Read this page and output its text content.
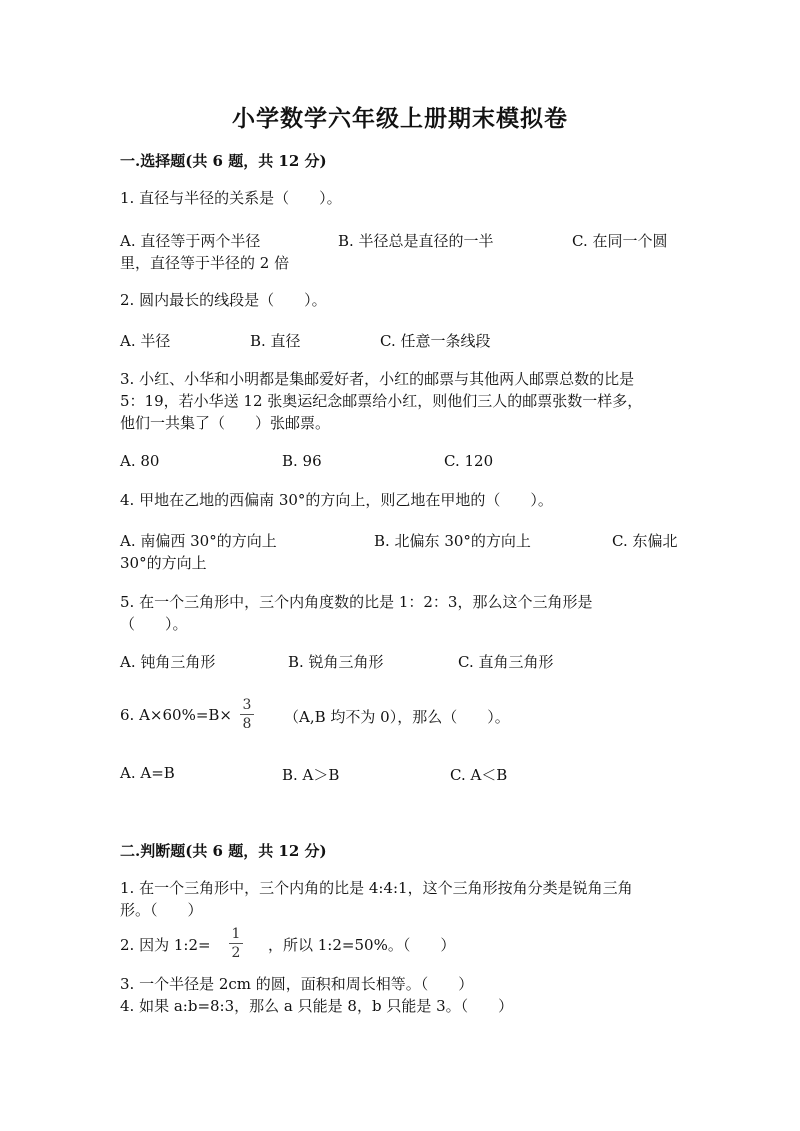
小学数学六年级上册期末模拟卷
一.选择题(共 6 题，共 12 分)
1. 直径与半径的关系是（　　）。
A. 直径等于两个半径	B. 半径总是直径的一半	C. 在同一个圆
里，直径等于半径的 2 倍
2. 圆内最长的线段是（　　）。
A. 半径	B. 直径	C. 任意一条线段
3. 小红、小华和小明都是集邮爱好者，小红的邮票与其他两人邮票总数的比是
5：19，若小华送 12 张奥运纪念邮票给小红，则他们三人的邮票张数一样多，
他们一共集了（　　）张邮票。
A. 80	B. 96	C. 120
4. 甲地在乙地的西偏南 30°的方向上，则乙地在甲地的（　　）。
A. 南偏西 30°的方向上	B. 北偏东 30°的方向上	C. 东偏北
30°的方向上
5. 在一个三角形中，三个内角度数的比是 1：2：3，那么这个三角形是
（　　）。
A. 钝角三角形	B. 锐角三角形	C. 直角三角形
6. A×60%=B×
3
8 （A,B 均不为 0），那么（　　）。
A. A=B	B. A＞B	C. A＜B
二.判断题(共 6 题，共 12 分)
1. 在一个三角形中，三个内角的比是 4:4:1，这个三角形按角分类是锐角三角
形。（　　）
2. 因为 1:2=
1
2 ，所以 1:2=50%。（　　）
3. 一个半径是 2cm 的圆，面积和周长相等。（　　）
4. 如果 a:b=8:3，那么 a 只能是 8，b 只能是 3。（　　）
